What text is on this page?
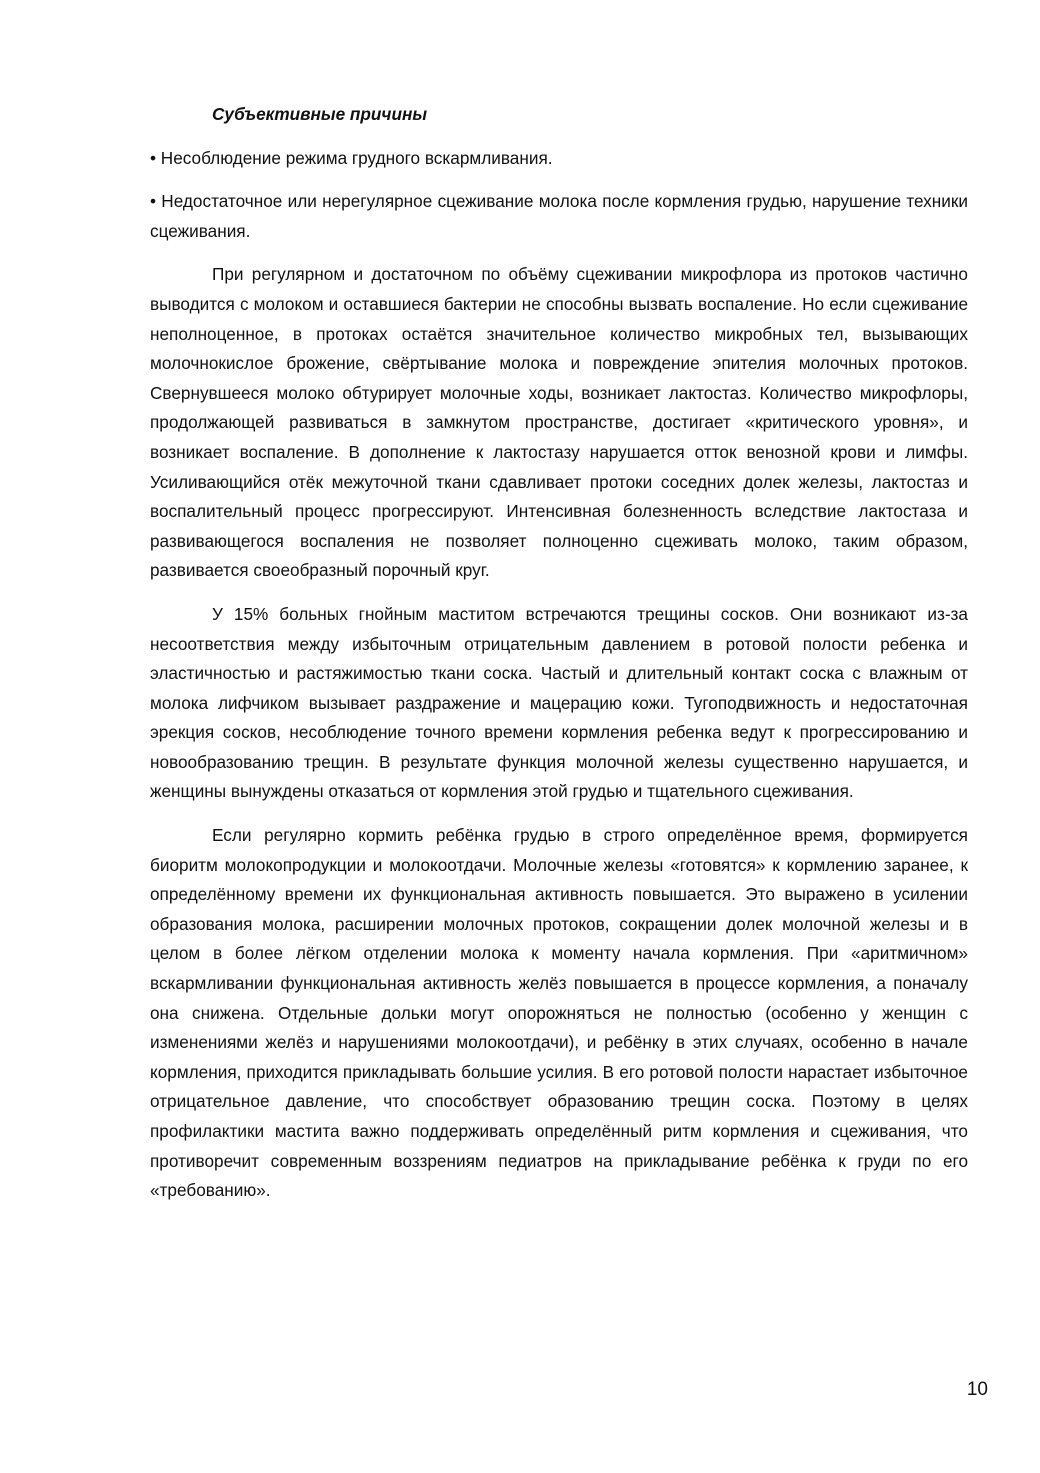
Субъективные причины

• Несоблюдение режима грудного вскармливания.

• Недостаточное или нерегулярное сцеживание молока после кормления грудью, нарушение техники сцеживания.

При регулярном и достаточном по объёму сцеживании микрофлора из протоков частично выводится с молоком и оставшиеся бактерии не способны вызвать воспаление. Но если сцеживание неполноценное, в протоках остаётся значительное количество микробных тел, вызывающих молочнокислое брожение, свёртывание молока и повреждение эпителия молочных протоков. Свернувшееся молоко обтурирует молочные ходы, возникает лактостаз. Количество микрофлоры, продолжающей развиваться в замкнутом пространстве, достигает «критического уровня», и возникает воспаление. В дополнение к лактостазу нарушается отток венозной крови и лимфы. Усиливающийся отёк межуточной ткани сдавливает протоки соседних долек железы, лактостаз и воспалительный процесс прогрессируют. Интенсивная болезненность вследствие лактостаза и развивающегося воспаления не позволяет полноценно сцеживать молоко, таким образом, развивается своеобразный порочный круг.

У 15% больных гнойным маститом встречаются трещины сосков. Они возникают из-за несоответствия между избыточным отрицательным давлением в ротовой полости ребенка и эластичностью и растяжимостью ткани соска. Частый и длительный контакт соска с влажным от молока лифчиком вызывает раздражение и мацерацию кожи. Тугоподвижность и недостаточная эрекция сосков, несоблюдение точного времени кормления ребенка ведут к прогрессированию и новообразованию трещин. В результате функция молочной железы существенно нарушается, и женщины вынуждены отказаться от кормления этой грудью и тщательного сцеживания.

Если регулярно кормить ребёнка грудью в строго определённое время, формируется биоритм молокопродукции и молокоотдачи. Молочные железы «готовятся» к кормлению заранее, к определённому времени их функциональная активность повышается. Это выражено в усилении образования молока, расширении молочных протоков, сокращении долек молочной железы и в целом в более лёгком отделении молока к моменту начала кормления. При «аритмичном» вскармливании функциональная активность желёз повышается в процессе кормления, а поначалу она снижена. Отдельные дольки могут опорожняться не полностью (особенно у женщин с изменениями желёз и нарушениями молокоотдачи), и ребёнку в этих случаях, особенно в начале кормления, приходится прикладывать большие усилия. В его ротовой полости нарастает избыточное отрицательное давление, что способствует образованию трещин соска. Поэтому в целях профилактики мастита важно поддерживать определённый ритм кормления и сцеживания, что противоречит современным воззрениям педиатров на прикладывание ребёнка к груди по его «требованию».

10
